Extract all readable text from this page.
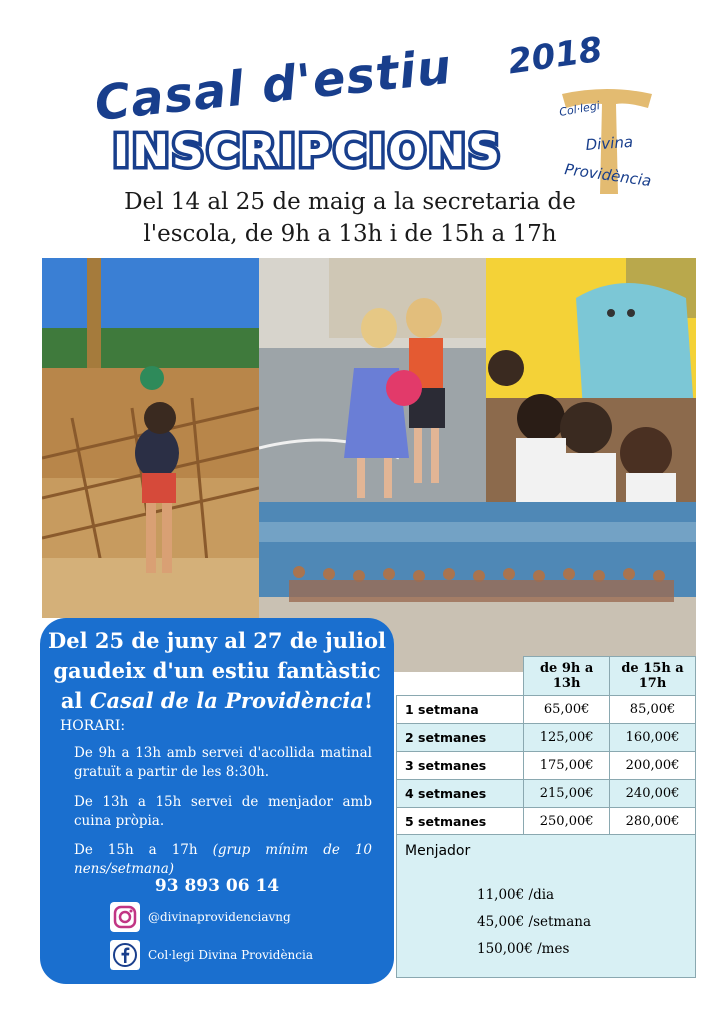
Casal d'estiu 2018
INSCRIPCIONS
Col·legi
Divina
Providència
Del 14 al 25 de maig a la secretaria de
l'escola, de 9h a 13h i de 15h a 17h
Del 25 de juny al 27 de juliol
gaudeix d'un estiu fantàstic
al Casal de la Providència!
HORARI:
De 9h a 13h amb servei d'acollida matinal gratuït a partir de les 8:30h.
De 13h a 15h servei de menjador amb cuina pròpia.
De 15h a 17h (grup mínim de 10 nens/setmana)
93 893 06 14
@divinaprovidenciavng
Col·legi Divina Providència
	de 9h a 13h	de 15h a 17h
1 setmana	65,00€	85,00€
2 setmanes	125,00€	160,00€
3 setmanes	175,00€	200,00€
4 setmanes	215,00€	240,00€
5 setmanes	250,00€	280,00€
Menjador
11,00€ /dia
45,00€ /setmana
150,00€ /mes
